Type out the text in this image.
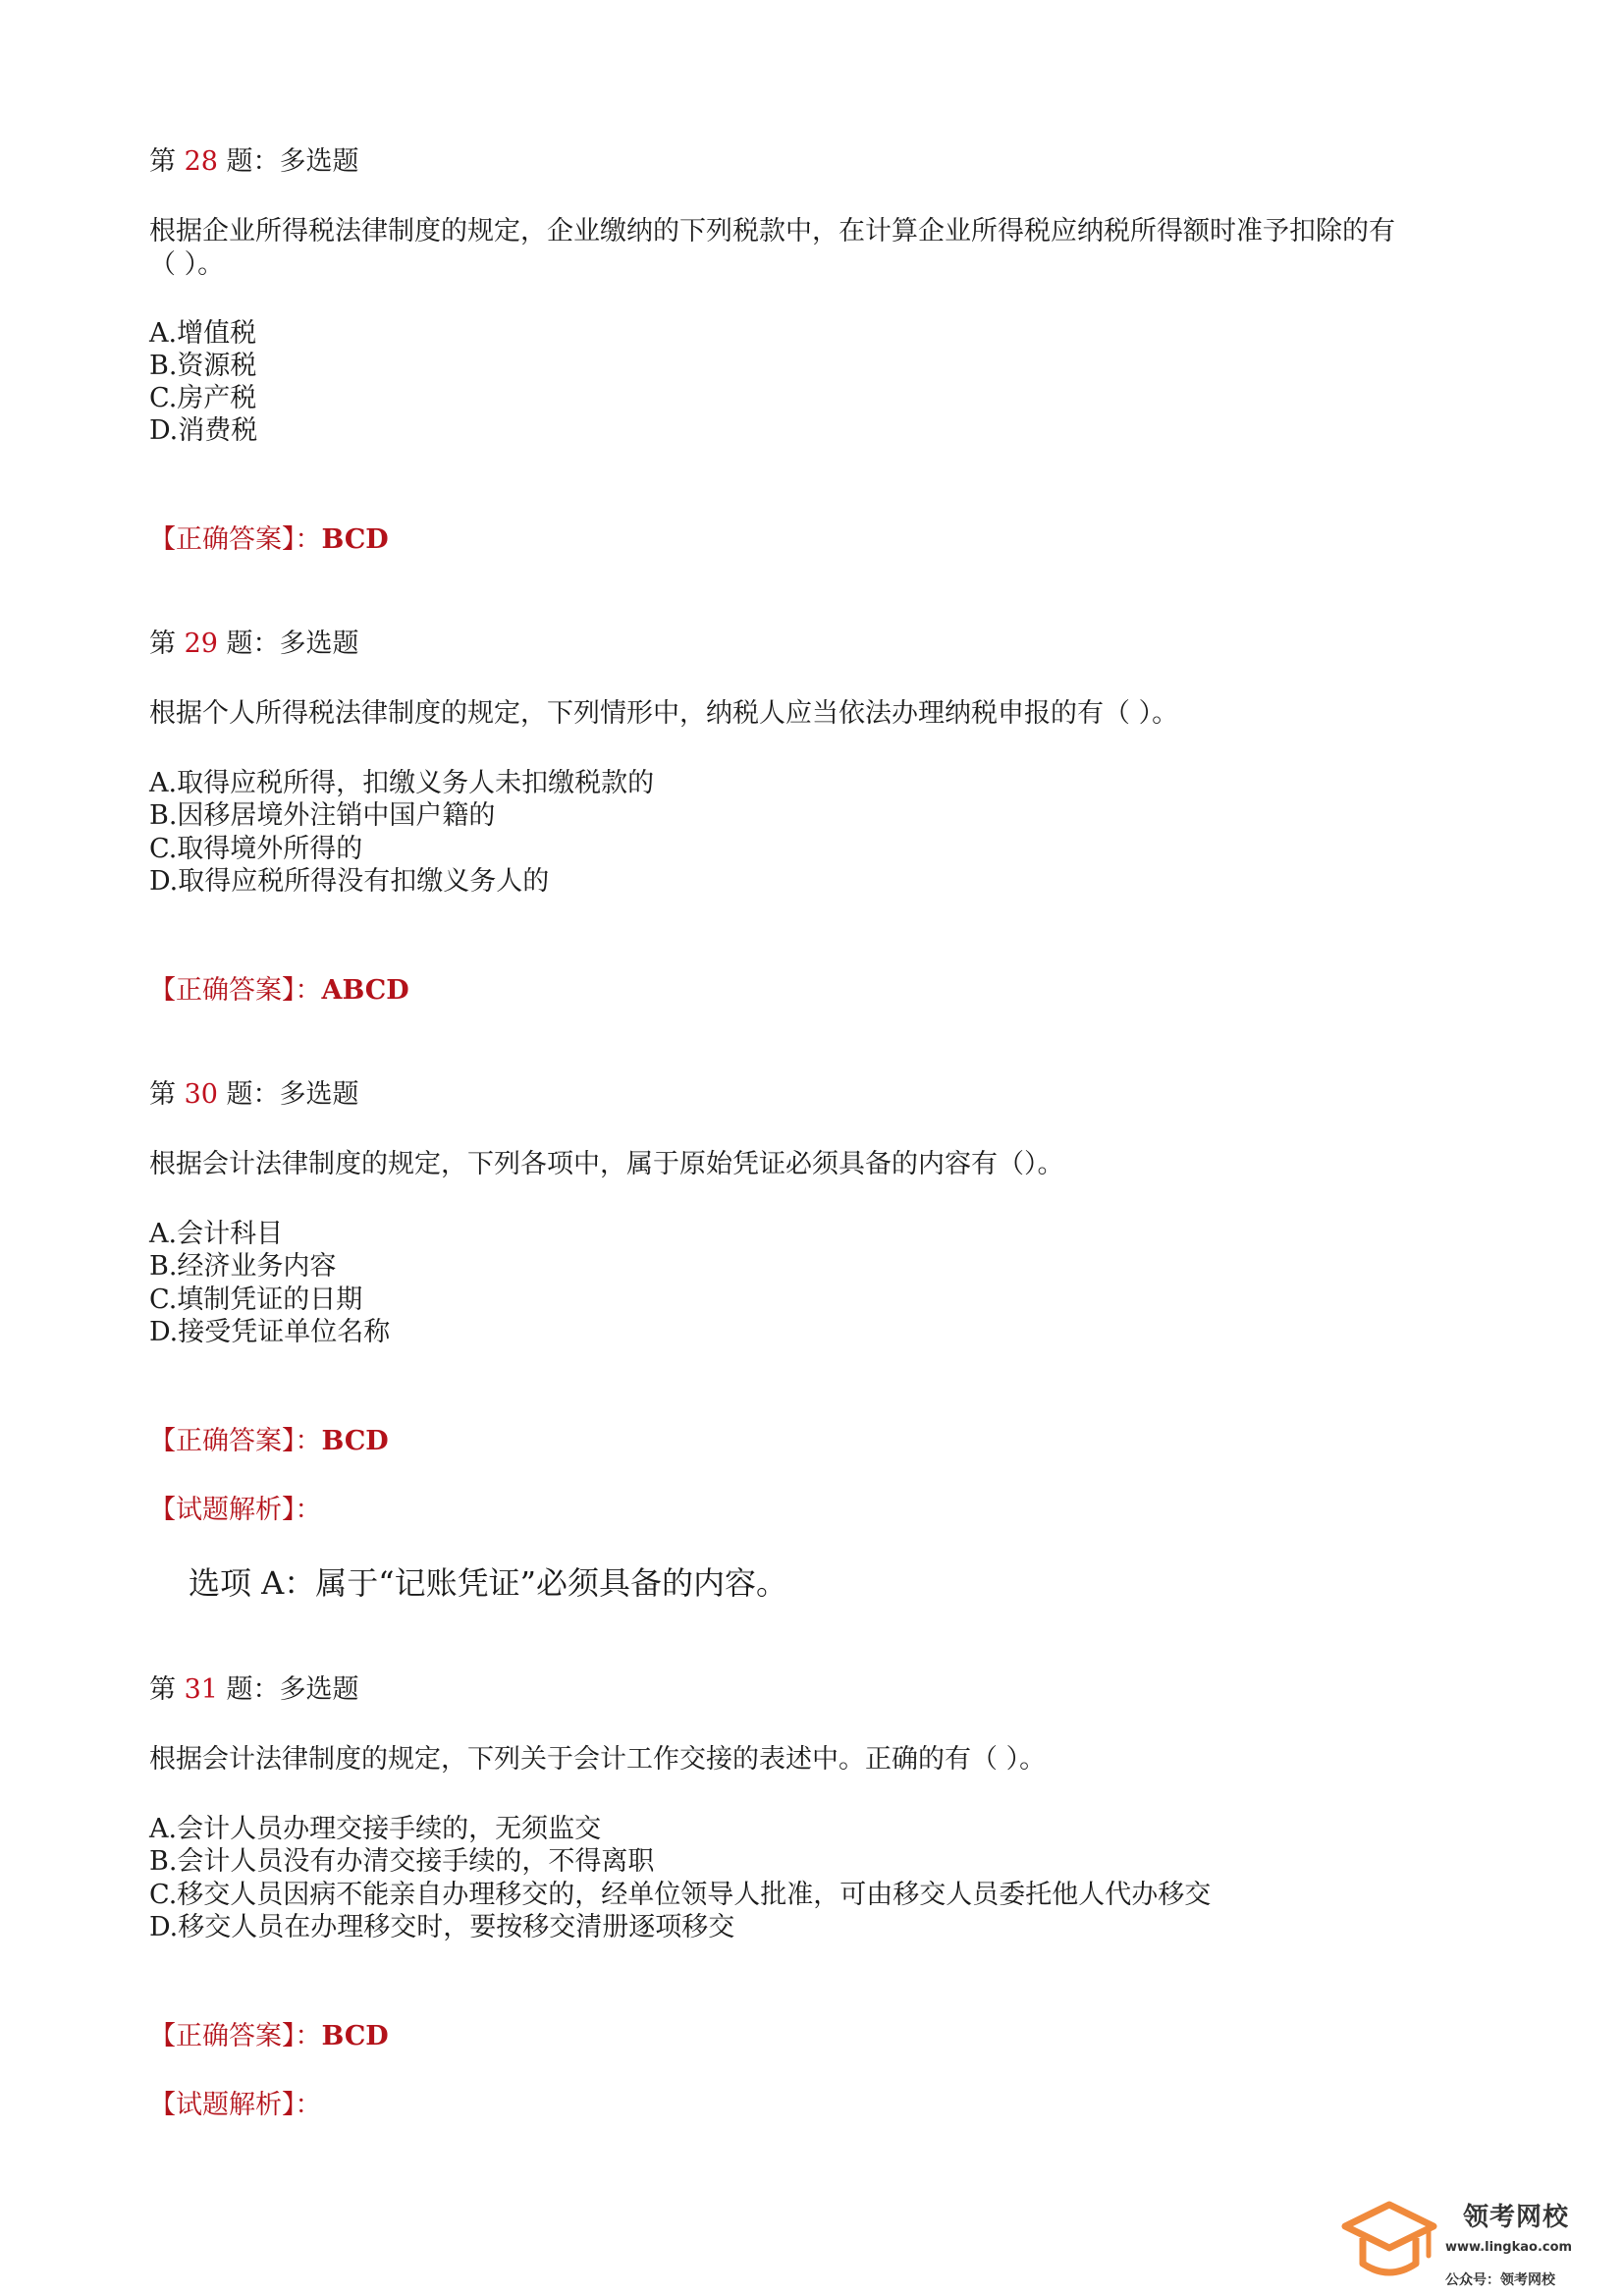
第 28 题：多选题
根据企业所得税法律制度的规定，企业缴纳的下列税款中，在计算企业所得税应纳税所得额时准予扣除的有
（ ）。
A.增值税
B.资源税
C.房产税
D.消费税
【正确答案】：BCD
第 29 题：多选题
根据个人所得税法律制度的规定，下列情形中，纳税人应当依法办理纳税申报的有（ ）。
A.取得应税所得，扣缴义务人未扣缴税款的
B.因移居境外注销中国户籍的
C.取得境外所得的
D.取得应税所得没有扣缴义务人的
【正确答案】：ABCD
第 30 题：多选题
根据会计法律制度的规定，下列各项中，属于原始凭证必须具备的内容有（）。
A.会计科目
B.经济业务内容
C.填制凭证的日期
D.接受凭证单位名称
【正确答案】：BCD
【试题解析】：
选项 A：属于“记账凭证”必须具备的内容。
第 31 题：多选题
根据会计法律制度的规定，下列关于会计工作交接的表述中。正确的有（ ）。
A.会计人员办理交接手续的，无须监交
B.会计人员没有办清交接手续的，不得离职
C.移交人员因病不能亲自办理移交的，经单位领导人批准，可由移交人员委托他人代办移交
D.移交人员在办理移交时，要按移交清册逐项移交
【正确答案】：BCD
【试题解析】：
领考网校
www.lingkao.com
公众号：领考网校
